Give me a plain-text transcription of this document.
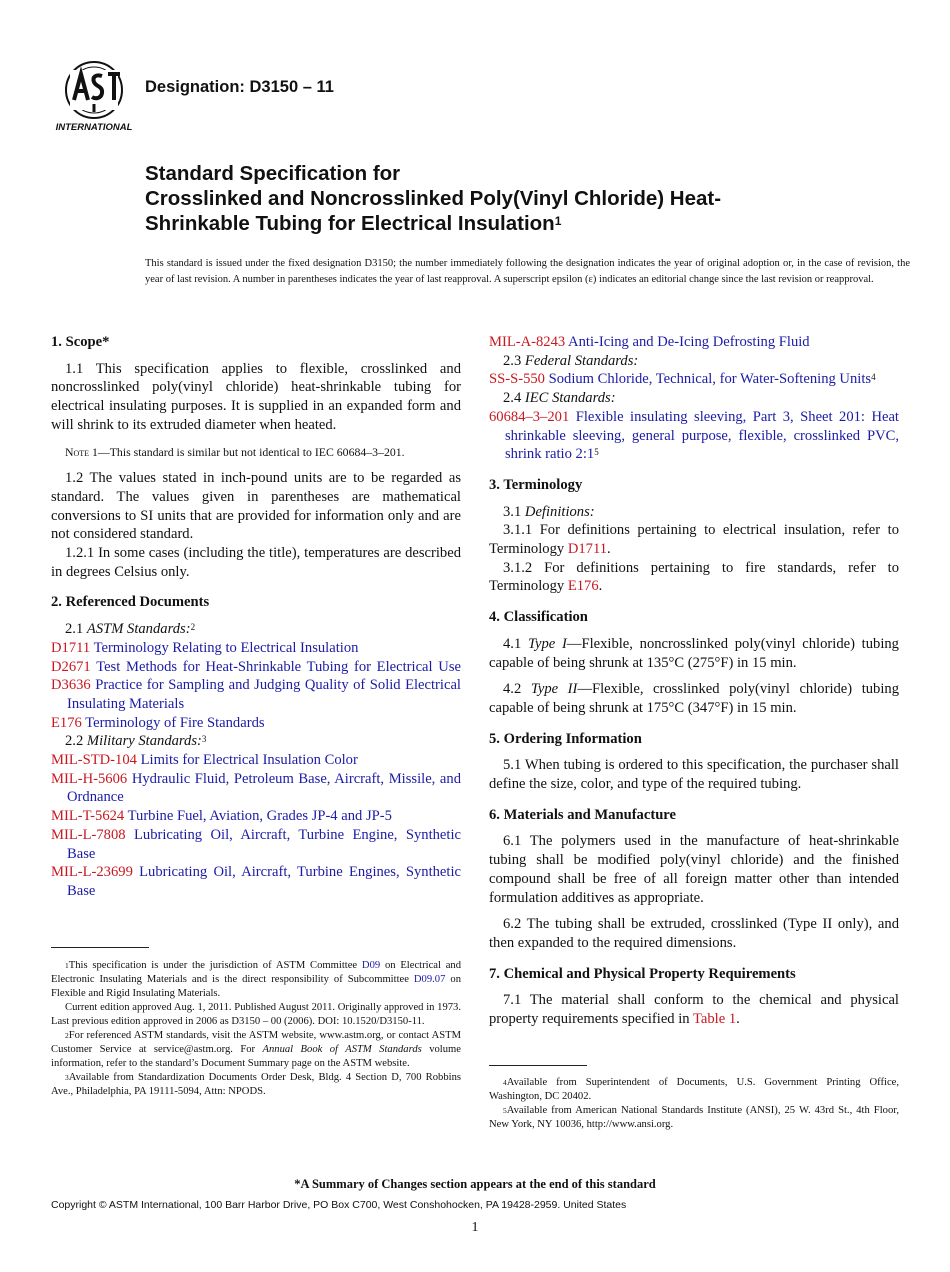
INTERNATIONAL
Designation: D3150 – 11
Standard Specification for
Crosslinked and Noncrosslinked Poly(Vinyl Chloride) Heat-
Shrinkable Tubing for Electrical Insulation$^1$
This standard is issued under the fixed designation D3150; the number immediately following the designation indicates the year of original adoption or, in the case of revision, the year of last revision. A number in parentheses indicates the year of last reapproval. A superscript epsilon (ε) indicates an editorial change since the last revision or reapproval.
1. Scope*

1.1 This specification applies to flexible, crosslinked and noncrosslinked poly(vinyl chloride) heat-shrinkable tubing for electrical insulating purposes. It is supplied in an expanded form and will shrink to its extruded diameter when heated.

Note 1—This standard is similar but not identical to IEC 60684–3–201.

1.2 The values stated in inch-pound units are to be regarded as standard. The values given in parentheses are mathematical conversions to SI units that are provided for information only and are not considered standard.

1.2.1 In some cases (including the title), temperatures are described in degrees Celsius only.

2. Referenced Documents
2.1 ASTM Standards:$^2$
D1711 Terminology Relating to Electrical Insulation
D2671 Test Methods for Heat-Shrinkable Tubing for Electrical Use
D3636 Practice for Sampling and Judging Quality of Solid Electrical Insulating Materials
E176 Terminology of Fire Standards
2.2 Military Standards:$^3$
MIL-STD-104 Limits for Electrical Insulation Color
MIL-H-5606 Hydraulic Fluid, Petroleum Base, Aircraft, Missile, and Ordnance
MIL-T-5624 Turbine Fuel, Aviation, Grades JP-4 and JP-5
MIL-L-7808 Lubricating Oil, Aircraft, Turbine Engine, Synthetic Base
MIL-L-23699 Lubricating Oil, Aircraft, Turbine Engines, Synthetic Base

$^1$This specification is under the jurisdiction of ASTM Committee D09 on Electrical and Electronic Insulating Materials and is the direct responsibility of Subcommittee D09.07 on Flexible and Rigid Insulating Materials.

Current edition approved Aug. 1, 2011. Published August 2011. Originally approved in 1973. Last previous edition approved in 2006 as D3150 – 00 (2006). DOI: 10.1520/D3150-11.

$^2$For referenced ASTM standards, visit the ASTM website, www.astm.org, or contact ASTM Customer Service at service@astm.org. For Annual Book of ASTM Standards volume information, refer to the standard’s Document Summary page on the ASTM website.

$^3$Available from Standardization Documents Order Desk, Bldg. 4 Section D, 700 Robbins Ave., Philadelphia, PA 19111-5094, Attn: NPODS.

MIL-A-8243 Anti-Icing and De-Icing Defrosting Fluid
2.3 Federal Standards:
SS-S-550 Sodium Chloride, Technical, for Water-Softening Units$^4$
2.4 IEC Standards:
60684–3–201 Flexible insulating sleeving, Part 3, Sheet 201: Heat shrinkable sleeving, general purpose, flexible, crosslinked PVC, shrink ratio $2:1^5$
3. Terminology
3.1 Definitions:

3.1.1 For definitions pertaining to electrical insulation, refer to Terminology D1711.

3.1.2 For definitions pertaining to fire standards, refer to Terminology E176.

4. Classification

4.1 Type I—Flexible, noncrosslinked poly(vinyl chloride) tubing capable of being shrunk at 135°C (275°F) in 15 min.

4.2 Type II—Flexible, crosslinked poly(vinyl chloride) tubing capable of being shrunk at 175°C (347°F) in 15 min.

5. Ordering Information

5.1 When tubing is ordered to this specification, the purchaser shall define the size, color, and type of the required tubing.

6. Materials and Manufacture

6.1 The polymers used in the manufacture of heat-shrinkable tubing shall be modified poly(vinyl chloride) and the finished compound shall be free of all foreign matter other than intended formulation additives as appropriate.

6.2 The tubing shall be extruded, crosslinked (Type II only), and then expanded to the required dimensions.

7. Chemical and Physical Property Requirements

7.1 The material shall conform to the chemical and physical property requirements specified in Table 1.

$^4$Available from Superintendent of Documents, U.S. Government Printing Office, Washington, DC 20402.

$^5$Available from American National Standards Institute (ANSI), 25 W. 43rd St., 4th Floor, New York, NY 10036, http://www.ansi.org.

*A Summary of Changes section appears at the end of this standard
Copyright © ASTM International, 100 Barr Harbor Drive, PO Box C700, West Conshohocken, PA 19428-2959. United States
1
